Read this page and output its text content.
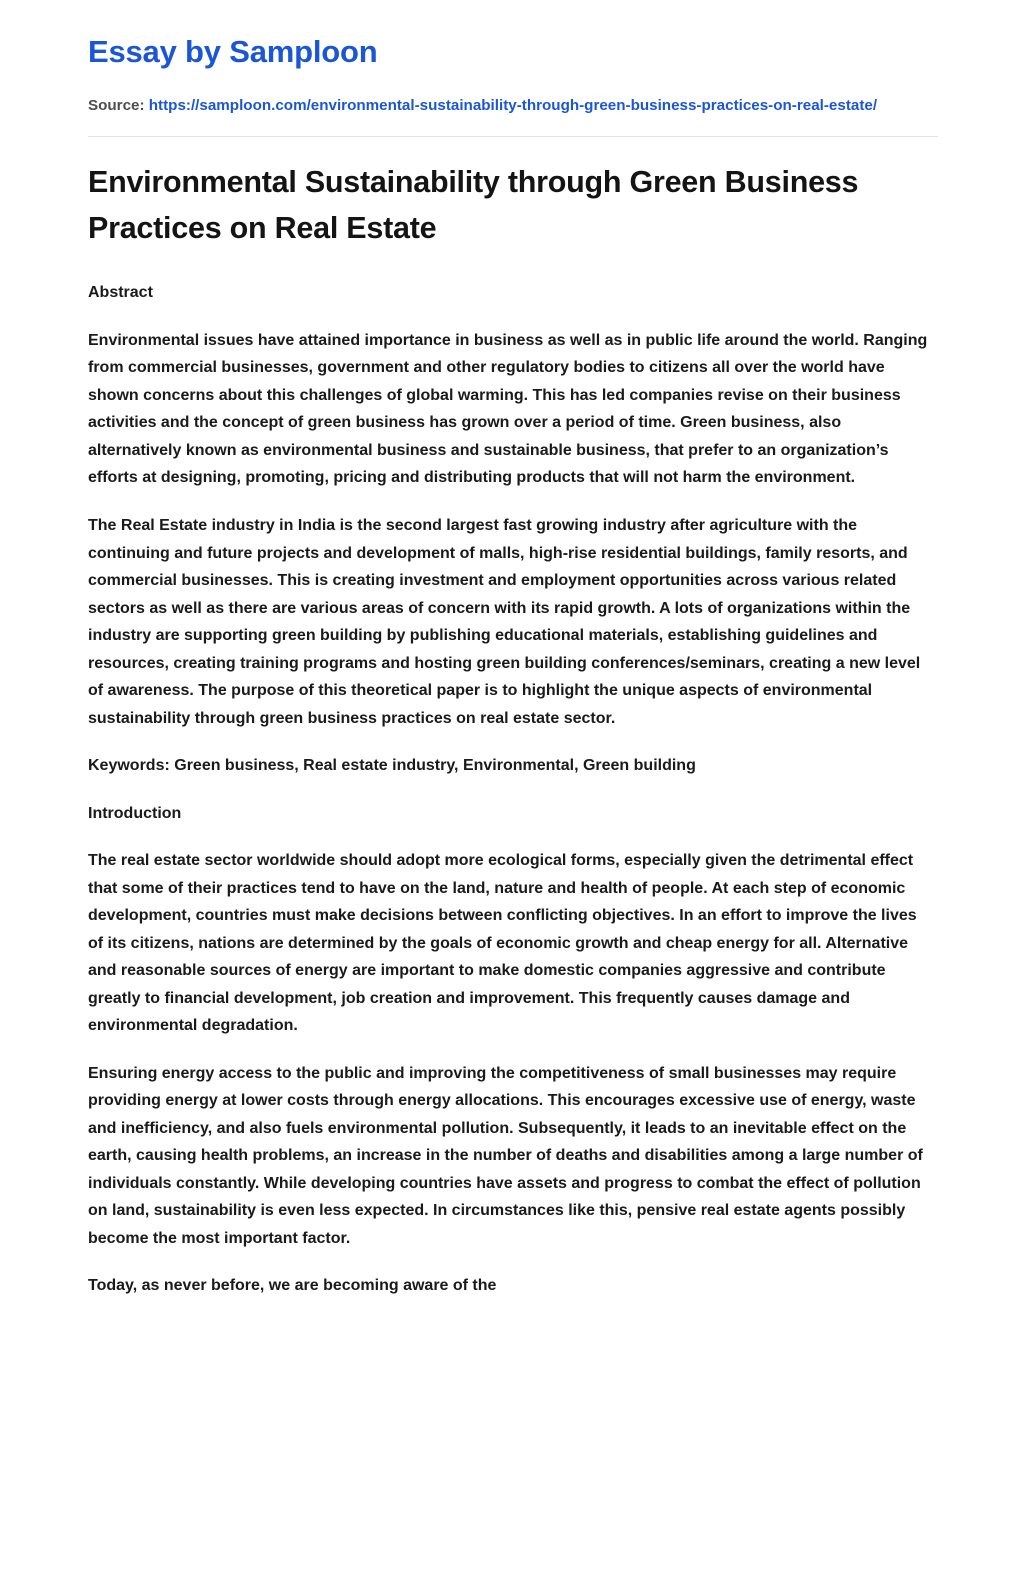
Essay by Samploon
Source: https://samploon.com/environmental-sustainability-through-green-business-practices-on-real-estate/
Environmental Sustainability through Green Business Practices on Real Estate
Abstract

Environmental issues have attained importance in business as well as in public life around the world. Ranging from commercial businesses, government and other regulatory bodies to citizens all over the world have shown concerns about this challenges of global warming. This has led companies revise on their business activities and the concept of green business has grown over a period of time. Green business, also alternatively known as environmental business and sustainable business, that prefer to an organization’s efforts at designing, promoting, pricing and distributing products that will not harm the environment.

The Real Estate industry in India is the second largest fast growing industry after agriculture with the continuing and future projects and development of malls, high-rise residential buildings, family resorts, and commercial businesses. This is creating investment and employment opportunities across various related sectors as well as there are various areas of concern with its rapid growth. A lots of organizations within the industry are supporting green building by publishing educational materials, establishing guidelines and resources, creating training programs and hosting green building conferences/seminars, creating a new level of awareness. The purpose of this theoretical paper is to highlight the unique aspects of environmental sustainability through green business practices on real estate sector.

Keywords: Green business, Real estate industry, Environmental, Green building

Introduction

The real estate sector worldwide should adopt more ecological forms, especially given the detrimental effect that some of their practices tend to have on the land, nature and health of people. At each step of economic development, countries must make decisions between conflicting objectives. In an effort to improve the lives of its citizens, nations are determined by the goals of economic growth and cheap energy for all. Alternative and reasonable sources of energy are important to make domestic companies aggressive and contribute greatly to financial development, job creation and improvement. This frequently causes damage and environmental degradation.

Ensuring energy access to the public and improving the competitiveness of small businesses may require providing energy at lower costs through energy allocations. This encourages excessive use of energy, waste and inefficiency, and also fuels environmental pollution. Subsequently, it leads to an inevitable effect on the earth, causing health problems, an increase in the number of deaths and disabilities among a large number of individuals constantly. While developing countries have assets and progress to combat the effect of pollution on land, sustainability is even less expected. In circumstances like this, pensive real estate agents possibly become the most important factor.

Today, as never before, we are becoming aware of the
